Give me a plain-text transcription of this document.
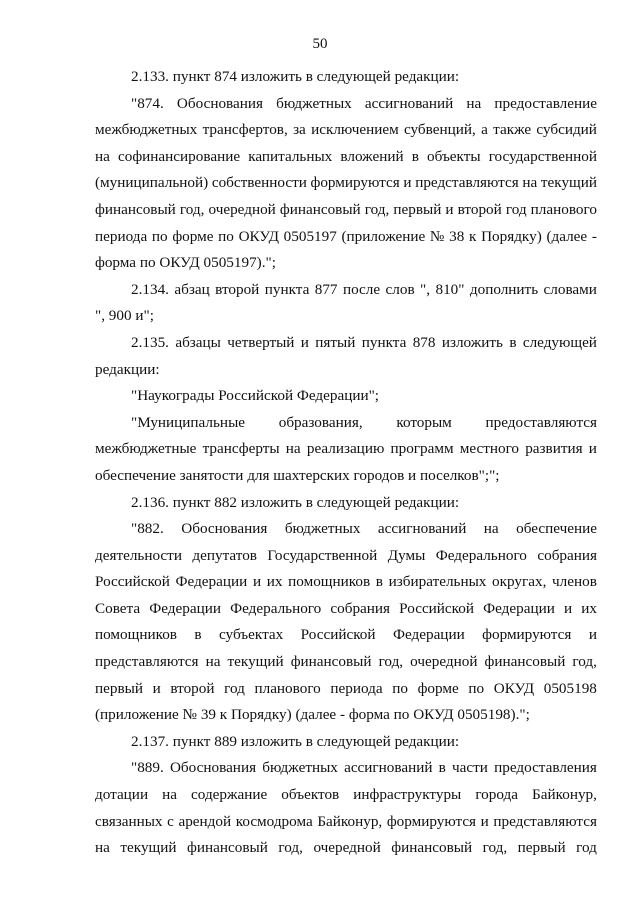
50
2.133. пункт 874 изложить в следующей редакции:
"874. Обоснования бюджетных ассигнований на предоставление
межбюджетных трансфертов, за исключением субвенций, а также субсидий
на софинансирование капитальных вложений в объекты государственной
(муниципальной) собственности формируются и представляются на текущий
финансовый год, очередной финансовый год, первый и второй год планового
периода по форме по ОКУД 0505197 (приложение № 38 к Порядку) (далее -
форма по ОКУД 0505197).";
2.134. абзац второй пункта 877 после слов ", 810" дополнить словами
", 900 и";
2.135. абзацы четвертый и пятый пункта 878 изложить в следующей
редакции:
"Наукограды Российской Федерации";
"Муниципальные образования, которым предоставляются
межбюджетные трансферты на реализацию программ местного развития и
обеспечение занятости для шахтерских городов и поселков";";
2.136. пункт 882 изложить в следующей редакции:
"882. Обоснования бюджетных ассигнований на обеспечение
деятельности депутатов Государственной Думы Федерального собрания
Российской Федерации и их помощников в избирательных округах, членов
Совета Федерации Федерального собрания Российской Федерации и их
помощников в субъектах Российской Федерации формируются и
представляются на текущий финансовый год, очередной финансовый год,
первый и второй год планового периода по форме по ОКУД 0505198
(приложение № 39 к Порядку) (далее - форма по ОКУД 0505198).";
2.137. пункт 889 изложить в следующей редакции:
"889. Обоснования бюджетных ассигнований в части предоставления
дотации на содержание объектов инфраструктуры города Байконур,
связанных с арендой космодрома Байконур, формируются и представляются
на текущий финансовый год, очередной финансовый год, первый год
